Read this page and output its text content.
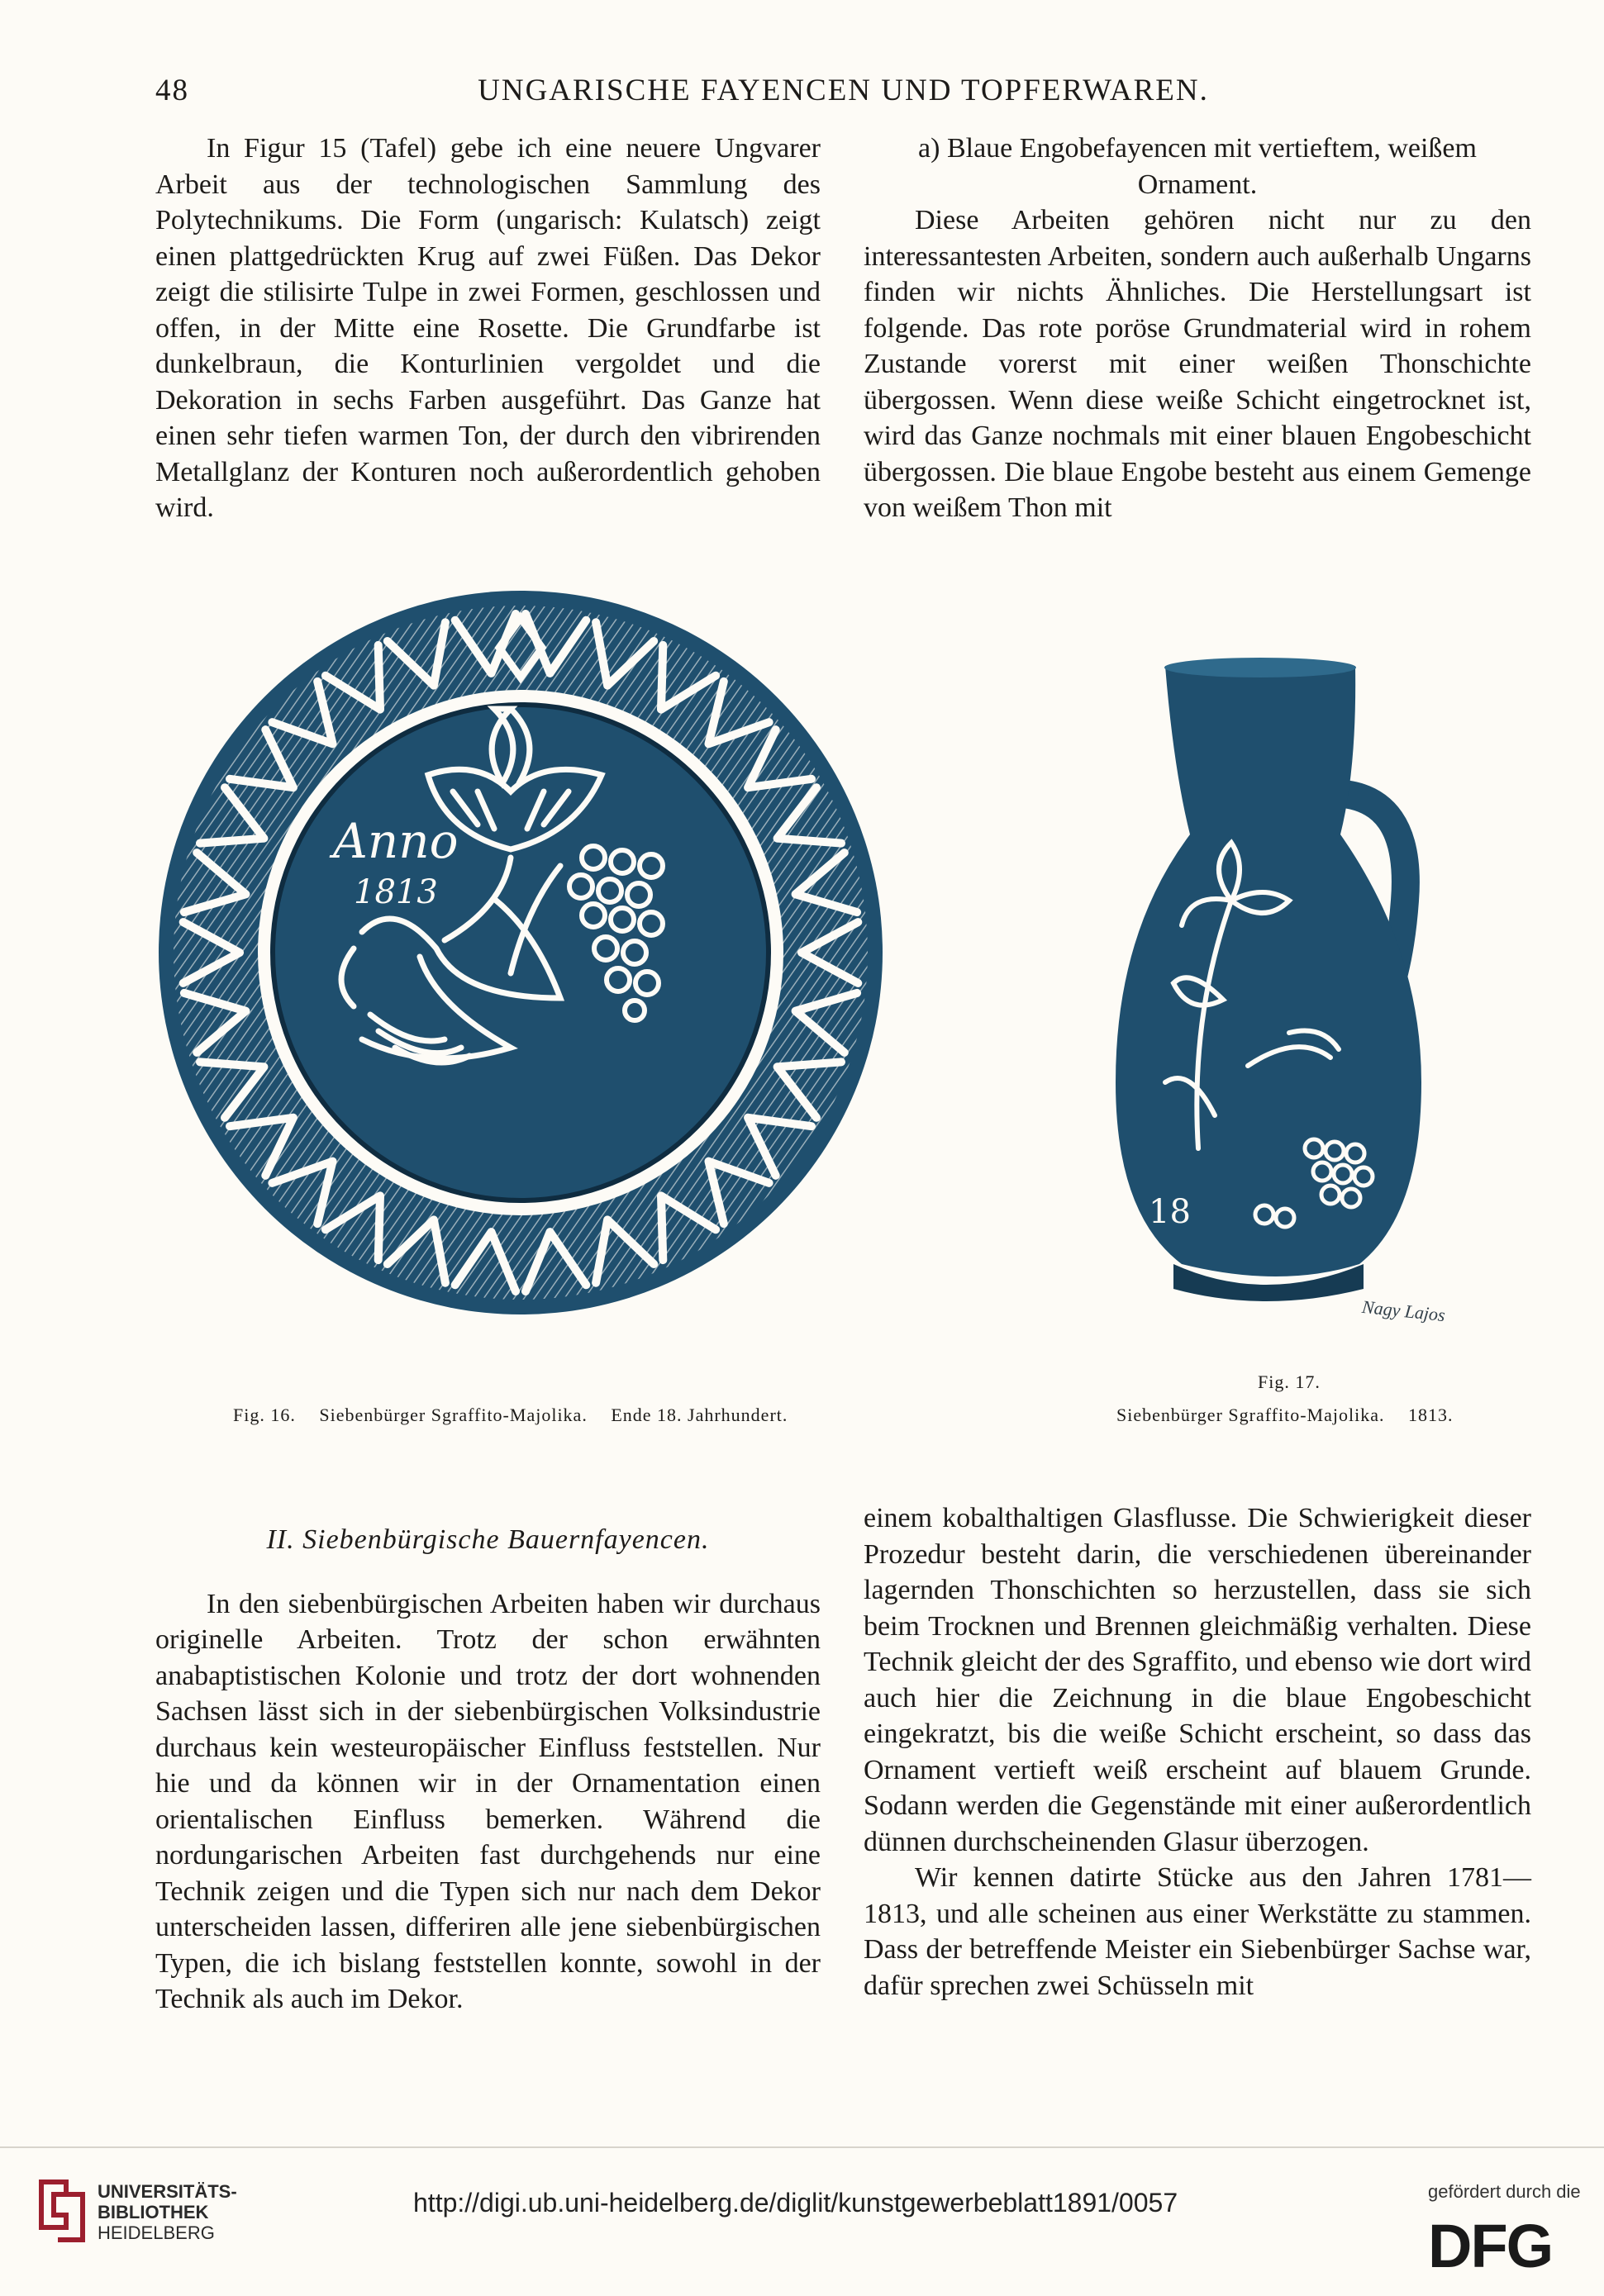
48	UNGARISCHE FAYENCEN UND TOPFERWAREN.

In Figur 15 (Tafel) gebe ich eine neuere Ungvarer Arbeit aus der technologischen Sammlung des Polytechnikums. Die Form (ungarisch: Kulatsch) zeigt einen plattgedrückten Krug auf zwei Füßen. Das Dekor zeigt die stilisirte Tulpe in zwei Formen, geschlossen und offen, in der Mitte eine Rosette. Die Grundfarbe ist dunkelbraun, die Konturlinien vergoldet und die Dekoration in sechs Farben ausgeführt. Das Ganze hat einen sehr tiefen warmen Ton, der durch den vibrirenden Metallglanz der Konturen noch außerordentlich gehoben wird.

a) Blaue Engobefayencen mit vertieftem, weißem Ornament.

Diese Arbeiten gehören nicht nur zu den interessantesten Arbeiten, sondern auch außerhalb Ungarns finden wir nichts Ähnliches. Die Herstellungsart ist folgende. Das rote poröse Grundmaterial wird in rohem Zustande vorerst mit einer weißen Thonschichte übergossen. Wenn diese weiße Schicht eingetrocknet ist, wird das Ganze nochmals mit einer blauen Engobeschicht übergossen. Die blaue Engobe besteht aus einem Gemenge von weißem Thon mit

Anno
1813
18
Nagy Lajos
Fig. 16. Siebenbürger Sgraffito-Majolika. Ende 18. Jahrhundert.
Fig. 17.
Siebenbürger Sgraffito-Majolika. 1813.

II. Siebenbürgische Bauernfayencen.

In den siebenbürgischen Arbeiten haben wir durchaus originelle Arbeiten. Trotz der schon erwähnten anabaptistischen Kolonie und trotz der dort wohnenden Sachsen lässt sich in der siebenbürgischen Volksindustrie durchaus kein westeuropäischer Einfluss feststellen. Nur hie und da können wir in der Ornamentation einen orientalischen Einfluss bemerken. Während die nordungarischen Arbeiten fast durchgehends nur eine Technik zeigen und die Typen sich nur nach dem Dekor unterscheiden lassen, differiren alle jene siebenbürgischen Typen, die ich bislang feststellen konnte, sowohl in der Technik als auch im Dekor.

einem kobalthaltigen Glasflusse. Die Schwierigkeit dieser Prozedur besteht darin, die verschiedenen übereinander lagernden Thonschichten so herzustellen, dass sie sich beim Trocknen und Brennen gleichmäßig verhalten. Diese Technik gleicht der des Sgraffito, und ebenso wie dort wird auch hier die Zeichnung in die blaue Engobeschicht eingekratzt, bis die weiße Schicht erscheint, so dass das Ornament vertieft weiß erscheint auf blauem Grunde. Sodann werden die Gegenstände mit einer außerordentlich dünnen durchscheinenden Glasur überzogen.

Wir kennen datirte Stücke aus den Jahren 1781—1813, und alle scheinen aus einer Werkstätte zu stammen. Dass der betreffende Meister ein Siebenbürger Sachse war, dafür sprechen zwei Schüsseln mit

UNIVERSITÄTS-
BIBLIOTHEK
HEIDELBERG
http://digi.ub.uni-heidelberg.de/diglit/kunstgewerbeblatt1891/0057	gefördert durch die
DFG
